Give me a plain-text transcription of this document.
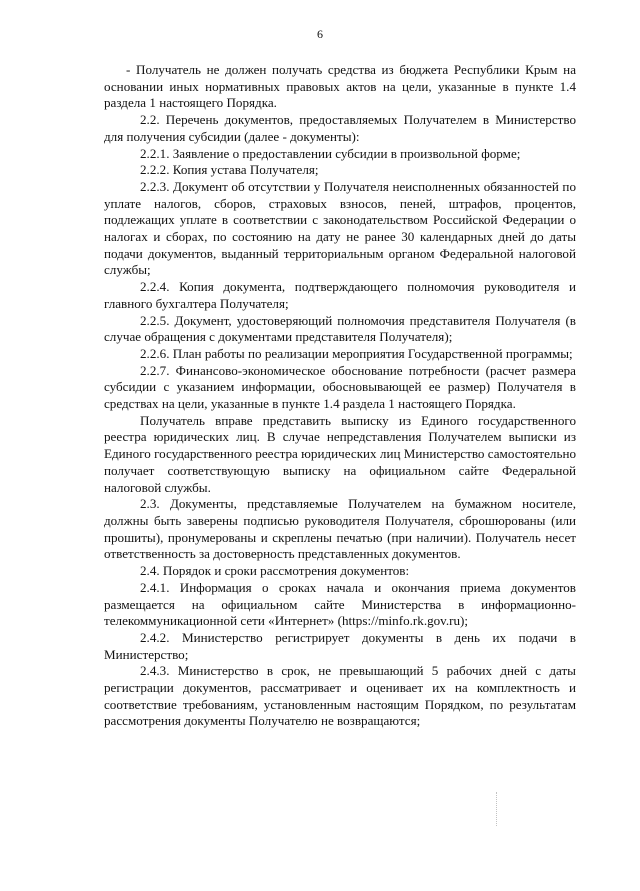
6

- Получатель не должен получать средства из бюджета Республики Крым на основании иных нормативных правовых актов на цели, указанные в пункте 1.4 раздела 1 настоящего Порядка.

2.2. Перечень документов, предоставляемых Получателем в Министерство для получения субсидии (далее - документы):

2.2.1. Заявление о предоставлении субсидии в произвольной форме;

2.2.2. Копия устава Получателя;

2.2.3. Документ об отсутствии у Получателя неисполненных обязанностей по уплате налогов, сборов, страховых взносов, пеней, штрафов, процентов, подлежащих уплате в соответствии с законодательством Российской Федерации о налогах и сборах, по состоянию на дату не ранее 30 календарных дней до даты подачи документов, выданный территориальным органом Федеральной налоговой службы;

2.2.4. Копия документа, подтверждающего полномочия руководителя и главного бухгалтера Получателя;

2.2.5. Документ, удостоверяющий полномочия представителя Получателя (в случае обращения с документами представителя Получателя);

2.2.6. План работы по реализации мероприятия Государственной программы;

2.2.7. Финансово-экономическое обоснование потребности (расчет размера субсидии с указанием информации, обосновывающей ее размер) Получателя в средствах на цели, указанные в пункте 1.4 раздела 1 настоящего Порядка.

Получатель вправе представить выписку из Единого государственного реестра юридических лиц. В случае непредставления Получателем выписки из Единого государственного реестра юридических лиц Министерство самостоятельно получает соответствующую выписку на официальном сайте Федеральной налоговой службы.

2.3. Документы, представляемые Получателем на бумажном носителе, должны быть заверены подписью руководителя Получателя, сброшюрованы (или прошиты), пронумерованы и скреплены печатью (при наличии). Получатель несет ответственность за достоверность представленных документов.

2.4. Порядок и сроки рассмотрения документов:

2.4.1. Информация о сроках начала и окончания приема документов размещается на официальном сайте Министерства в информационно-телекоммуникационной сети «Интернет» (https://minfo.rk.gov.ru);

2.4.2. Министерство регистрирует документы в день их подачи в Министерство;

2.4.3. Министерство в срок, не превышающий 5 рабочих дней с даты регистрации документов, рассматривает и оценивает их на комплектность и соответствие требованиям, установленным настоящим Порядком, по результатам рассмотрения документы Получателю не возвращаются;
